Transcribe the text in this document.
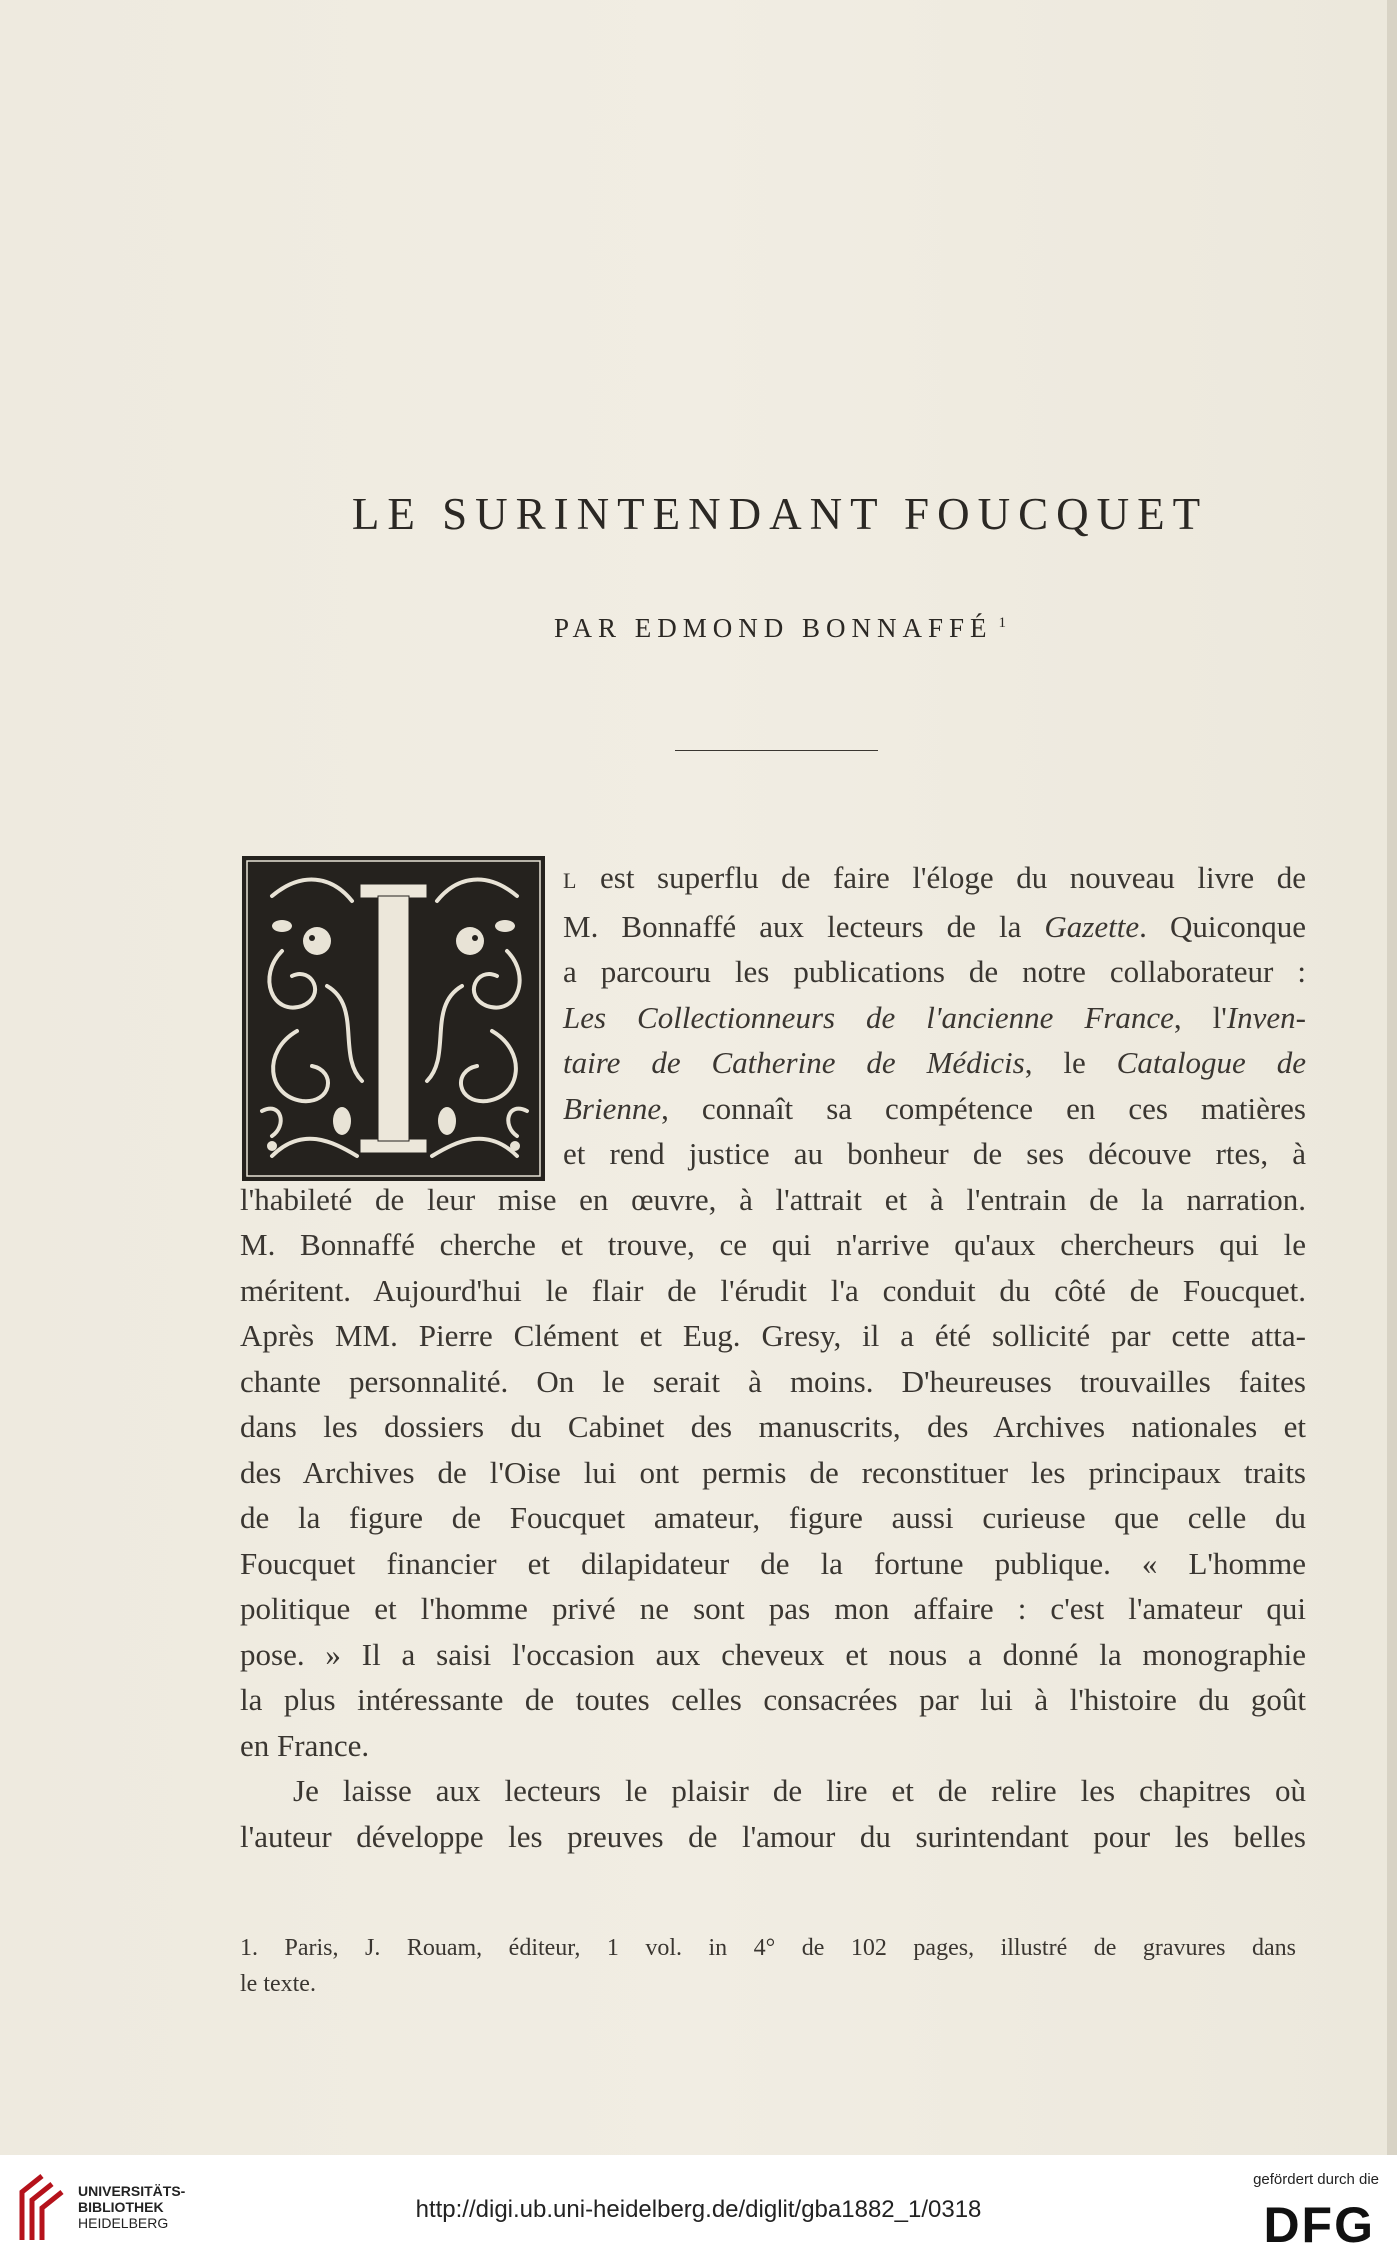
LE SURINTENDANT FOUCQUET
PAR EDMOND BONNAFFÉ $^1$
L est superflu de faire l'éloge du nouveau livre de
M. Bonnaffé aux lecteurs de la Gazette. Quiconque
a parcouru les publications de notre collaborateur :
Les Collectionneurs de l'ancienne France, l'Inven-
taire de Catherine de Médicis, le Catalogue de
Brienne, connaît sa compétence en ces matières
et rend justice au bonheur de ses découve rtes, à
l'habileté de leur mise en œuvre, à l'attrait et à l'entrain de la narration.
M. Bonnaffé cherche et trouve, ce qui n'arrive qu'aux chercheurs qui le
méritent. Aujourd'hui le flair de l'érudit l'a conduit du côté de Foucquet.
Après MM. Pierre Clément et Eug. Gresy, il a été sollicité par cette atta-
chante personnalité. On le serait à moins. D'heureuses trouvailles faites
dans les dossiers du Cabinet des manuscrits, des Archives nationales et
des Archives de l'Oise lui ont permis de reconstituer les principaux traits
de la figure de Foucquet amateur, figure aussi curieuse que celle du
Foucquet financier et dilapidateur de la fortune publique. « L'homme
politique et l'homme privé ne sont pas mon affaire : c'est l'amateur qui
pose. » Il a saisi l'occasion aux cheveux et nous a donné la monographie
la plus intéressante de toutes celles consacrées par lui à l'histoire du goût
en France.
Je laisse aux lecteurs le plaisir de lire et de relire les chapitres où
l'auteur développe les preuves de l'amour du surintendant pour les belles
1. Paris, J. Rouam, éditeur, 1 vol. in 4° de 102 pages, illustré de gravures dans
le texte.
UNIVERSITÄTS-
BIBLIOTHEK
HEIDELBERG	http://digi.ub.uni-heidelberg.de/diglit/gba1882_1/0318
gefördert durch die
DFG
